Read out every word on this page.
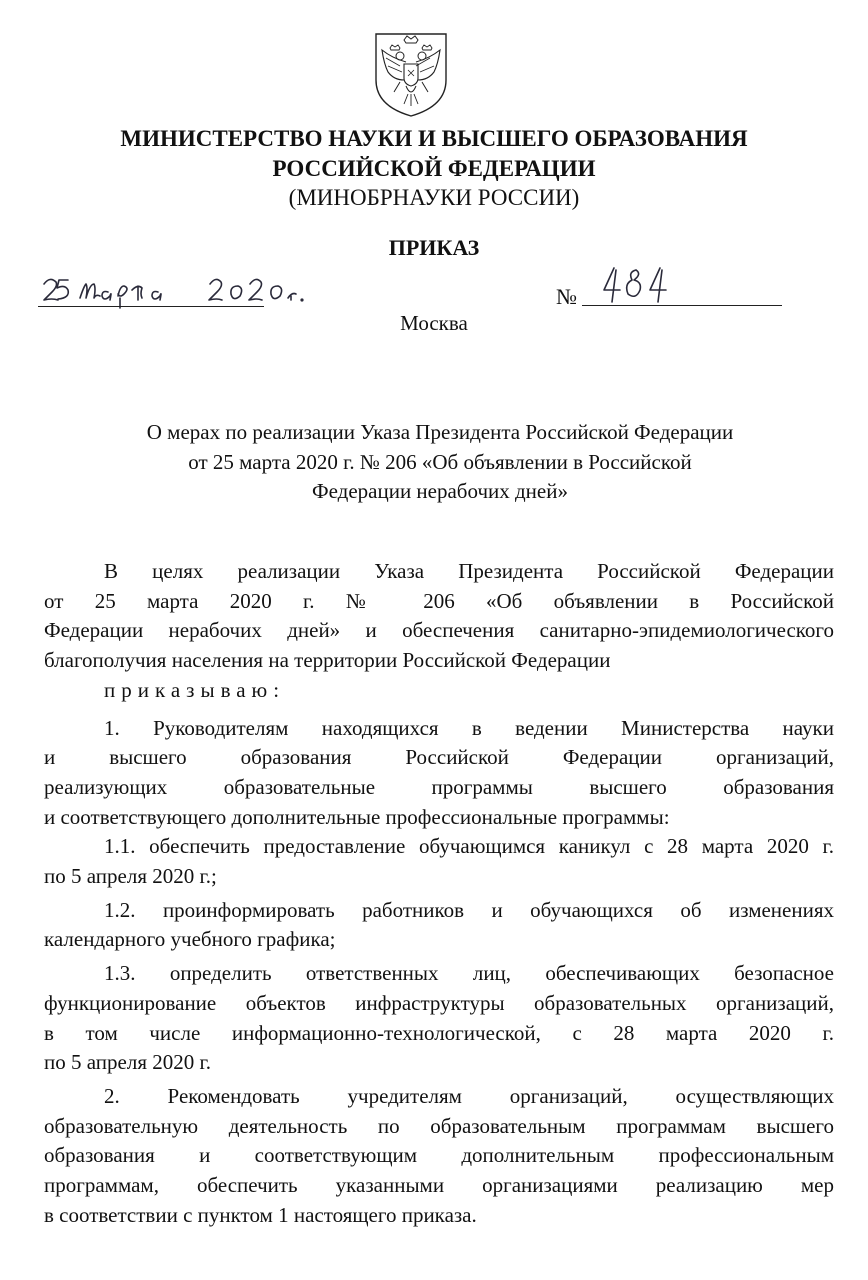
МИНИСТЕРСТВО НАУКИ И ВЫСШЕГО ОБРАЗОВАНИЯ

РОССИЙСКОЙ ФЕДЕРАЦИИ

(МИНОБРНАУКИ РОССИИ)

ПРИКАЗ

№

Москва

О мерах по реализации Указа Президента Российской Федерации
от 25 марта 2020 г. № 206 «Об объявлении в Российской
Федерации нерабочих дней»

В целях реализации Указа Президента Российской Федерации

от 25 марта 2020 г. № 206 «Об объявлении в Российской

Федерации нерабочих дней» и обеспечения санитарно-эпидемиологического

благополучия населения на территории Российской Федерации

приказываю:

1. Руководителям находящихся в ведении Министерства науки

и высшего образования Российской Федерации организаций,

реализующих образовательные программы высшего образования

и соответствующего дополнительные профессиональные программы:

1.1. обеспечить предоставление обучающимся каникул с 28 марта 2020 г.

по 5 апреля 2020 г.;

1.2. проинформировать работников и обучающихся об изменениях

календарного учебного графика;

1.3. определить ответственных лиц, обеспечивающих безопасное

функционирование объектов инфраструктуры образовательных организаций,

в том числе информационно-технологической, с 28 марта 2020 г.

по 5 апреля 2020 г.

2. Рекомендовать учредителям организаций, осуществляющих

образовательную деятельность по образовательным программам высшего

образования и соответствующим дополнительным профессиональным

программам, обеспечить указанными организациями реализацию мер

в соответствии с пунктом 1 настоящего приказа.
